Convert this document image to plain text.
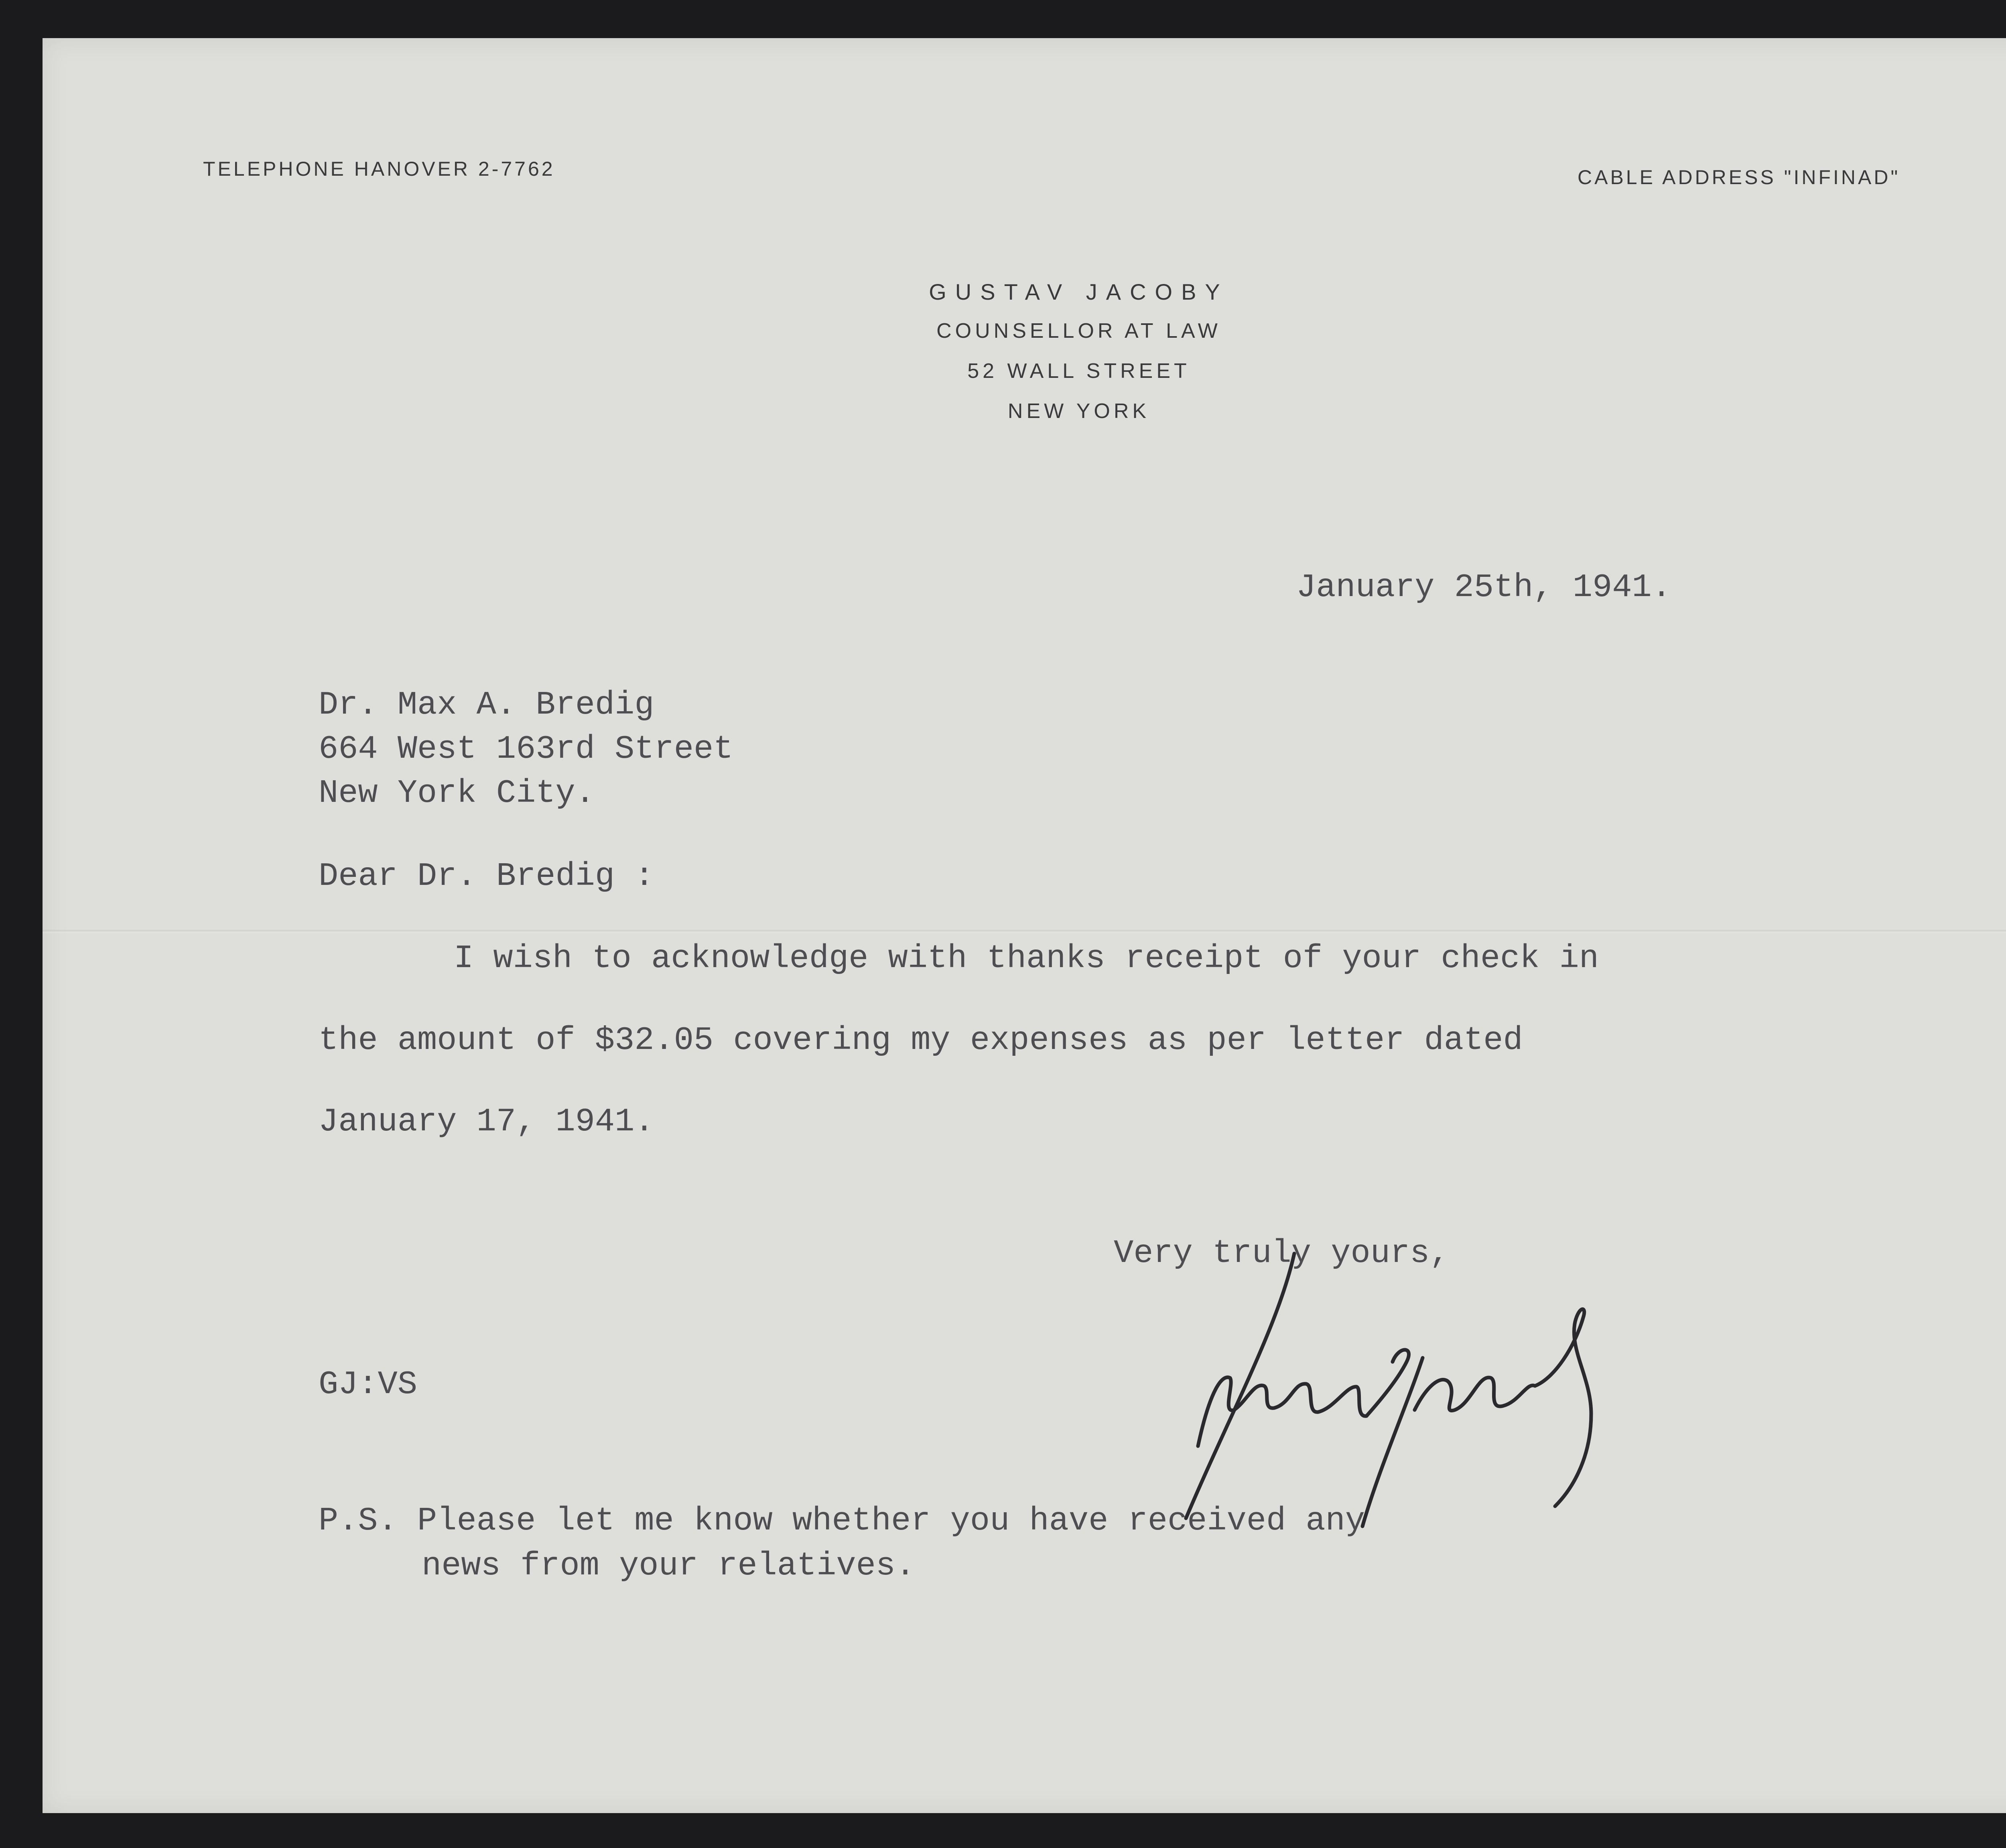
TELEPHONE HANOVER 2-7762	CABLE ADDRESS "INFINAD"

GUSTAV JACOBY

COUNSELLOR AT LAW

52 WALL STREET

NEW YORK

January 25th, 1941.

Dr. Max A. Bredig

664 West 163rd Street

New York City.

Dear Dr. Bredig :

I wish to acknowledge with thanks receipt of your check in

the amount of $32.05 covering my expenses as per letter dated

January 17, 1941.

Very truly yours,

GJ:VS

P.S. Please let me know whether you have received any

news from your relatives.
